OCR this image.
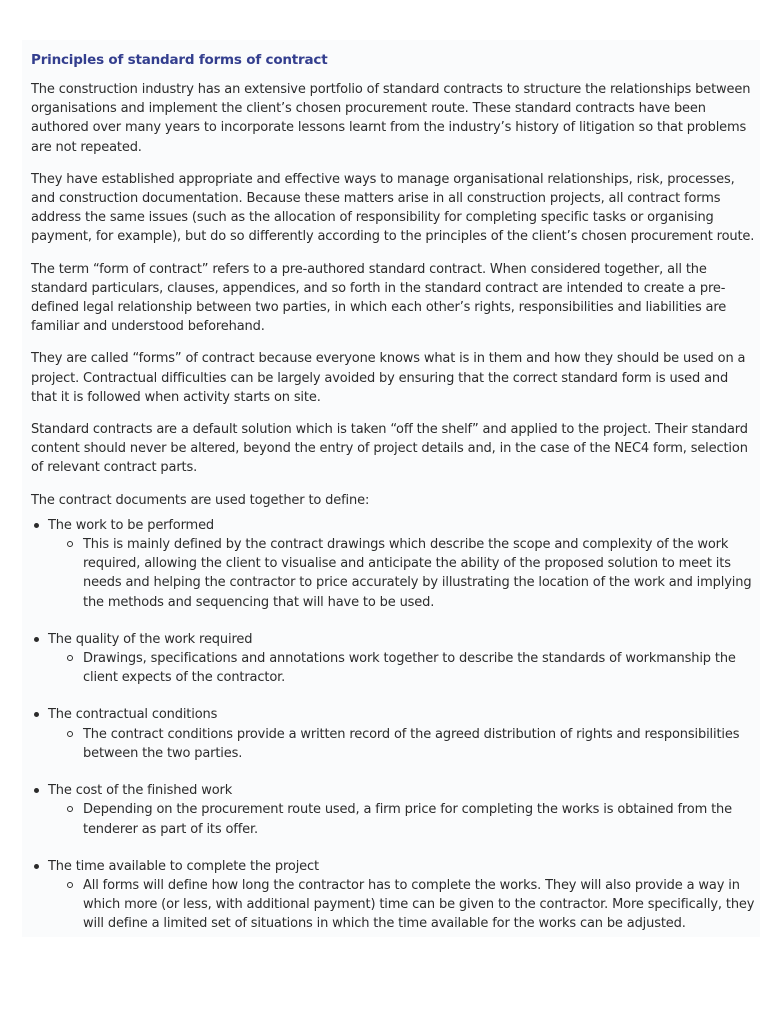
Principles of standard forms of contract

The construction industry has an extensive portfolio of standard contracts to structure the relationships between organisations and implement the client’s chosen procurement route. These standard contracts have been authored over many years to incorporate lessons learnt from the industry’s history of litigation so that problems are not repeated.

They have established appropriate and effective ways to manage organisational relationships, risk, processes, and construction documentation. Because these matters arise in all construction projects, all contract forms address the same issues (such as the allocation of responsibility for completing specific tasks or organising payment, for example), but do so differently according to the principles of the client’s chosen procurement route.

The term “form of contract” refers to a pre-authored standard contract. When considered together, all the standard particulars, clauses, appendices, and so forth in the standard contract are intended to create a pre-defined legal relationship between two parties, in which each other’s rights, responsibilities and liabilities are familiar and understood beforehand.

They are called “forms” of contract because everyone knows what is in them and how they should be used on a project. Contractual difficulties can be largely avoided by ensuring that the correct standard form is used and that it is followed when activity starts on site.

Standard contracts are a default solution which is taken “off the shelf” and applied to the project. Their standard content should never be altered, beyond the entry of project details and, in the case of the NEC4 form, selection of relevant contract parts.

The contract documents are used together to define:

The work to be performed
This is mainly defined by the contract drawings which describe the scope and complexity of the work required, allowing the client to visualise and anticipate the ability of the proposed solution to meet its needs and helping the contractor to price accurately by illustrating the location of the work and implying the methods and sequencing that will have to be used.
The quality of the work required
Drawings, specifications and annotations work together to describe the standards of workmanship the client expects of the contractor.
The contractual conditions
The contract conditions provide a written record of the agreed distribution of rights and responsibilities between the two parties.
The cost of the finished work
Depending on the procurement route used, a firm price for completing the works is obtained from the tenderer as part of its offer.
The time available to complete the project
All forms will define how long the contractor has to complete the works. They will also provide a way in which more (or less, with additional payment) time can be given to the contractor. More specifically, they will define a limited set of situations in which the time available for the works can be adjusted.
